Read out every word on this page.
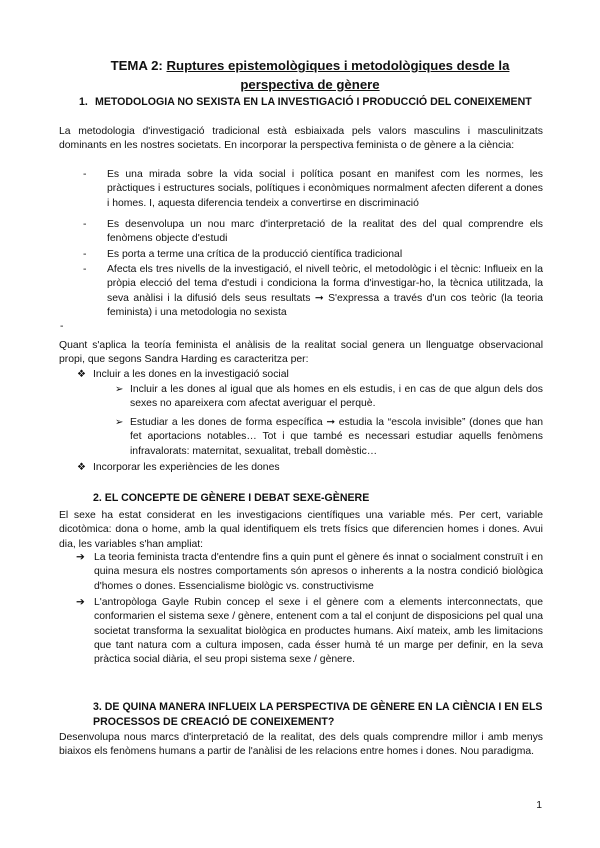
TEMA 2: Ruptures epistemològiques i metodològiques desde la
perspectiva de gènere
1. METODOLOGIA NO SEXISTA EN LA INVESTIGACIÓ I PRODUCCIÓ DEL CONEIXEMENT
La metodologia d'investigació tradicional està esbiaixada pels valors masculins i masculinitzats dominants en les nostres societats. En incorporar la perspectiva feminista o de gènere a la ciència:
- Es una mirada sobre la vida social i política posant en manifest com les normes, les pràctiques i estructures socials, polítiques i econòmiques normalment afecten diferent a dones i homes. I, aquesta diferencia tendeix a convertirse en discriminació
- Es desenvolupa un nou marc d'interpretació de la realitat des del qual comprendre els fenòmens objecte d'estudi
- Es porta a terme una crítica de la producció científica tradicional
- Afecta els tres nivells de la investigació, el nivell teòric, el metodològic i el tècnic: Influeix en la pròpia elecció del tema d'estudi i condiciona la forma d'investigar-ho, la tècnica utilitzada, la seva anàlisi i la difusió dels seus resultats ➞ S'expressa a través d'un cos teòric (la teoria feminista) i una metodologia no sexista
-
Quant s'aplica la teoría feminista el anàlisis de la realitat social genera un llenguatge observacional propi, que segons Sandra Harding es caracteritza per:
❖ Incluir a les dones en la investigació social
➢ Incluir a les dones al igual que als homes en els estudis, i en cas de que algun dels dos sexes no apareixera com afectat averiguar el perquè.
➢ Estudiar a les dones de forma específica ➞ estudia la “escola invisible” (dones que han fet aportacions notables… Tot i que també es necessari estudiar aquells fenòmens infravalorats: maternitat, sexualitat, treball domèstic…
❖ Incorporar les experiències de les dones
2. EL CONCEPTE DE GÈNERE I DEBAT SEXE-GÈNERE
El sexe ha estat considerat en les investigacions científiques una variable més. Per cert, variable dicotòmica: dona o home, amb la qual identifiquem els trets físics que diferencien homes i dones. Avui dia, les variables s'han ampliat:
➔ La teoria feminista tracta d'entendre fins a quin punt el gènere és innat o socialment construït i en quina mesura els nostres comportaments són apresos o inherents a la nostra condició biològica d'homes o dones. Essencialisme biològic vs. constructivisme
➔ L'antropòloga Gayle Rubin concep el sexe i el gènere com a elements interconnectats, que conformarien el sistema sexe / gènere, entenent com a tal el conjunt de disposicions pel qual una societat transforma la sexualitat biològica en productes humans. Així mateix, amb les limitacions que tant natura com a cultura imposen, cada ésser humà té un marge per definir, en la seva pràctica social diària, el seu propi sistema sexe / gènere.
3. DE QUINA MANERA INFLUEIX LA PERSPECTIVA DE GÈNERE EN LA CIÈNCIA I EN ELS PROCESSOS DE CREACIÓ DE CONEIXEMENT?
Desenvolupa nous marcs d'interpretació de la realitat, des dels quals comprendre millor i amb menys biaixos els fenòmens humans a partir de l'anàlisi de les relacions entre homes i dones. Nou paradigma.
1
